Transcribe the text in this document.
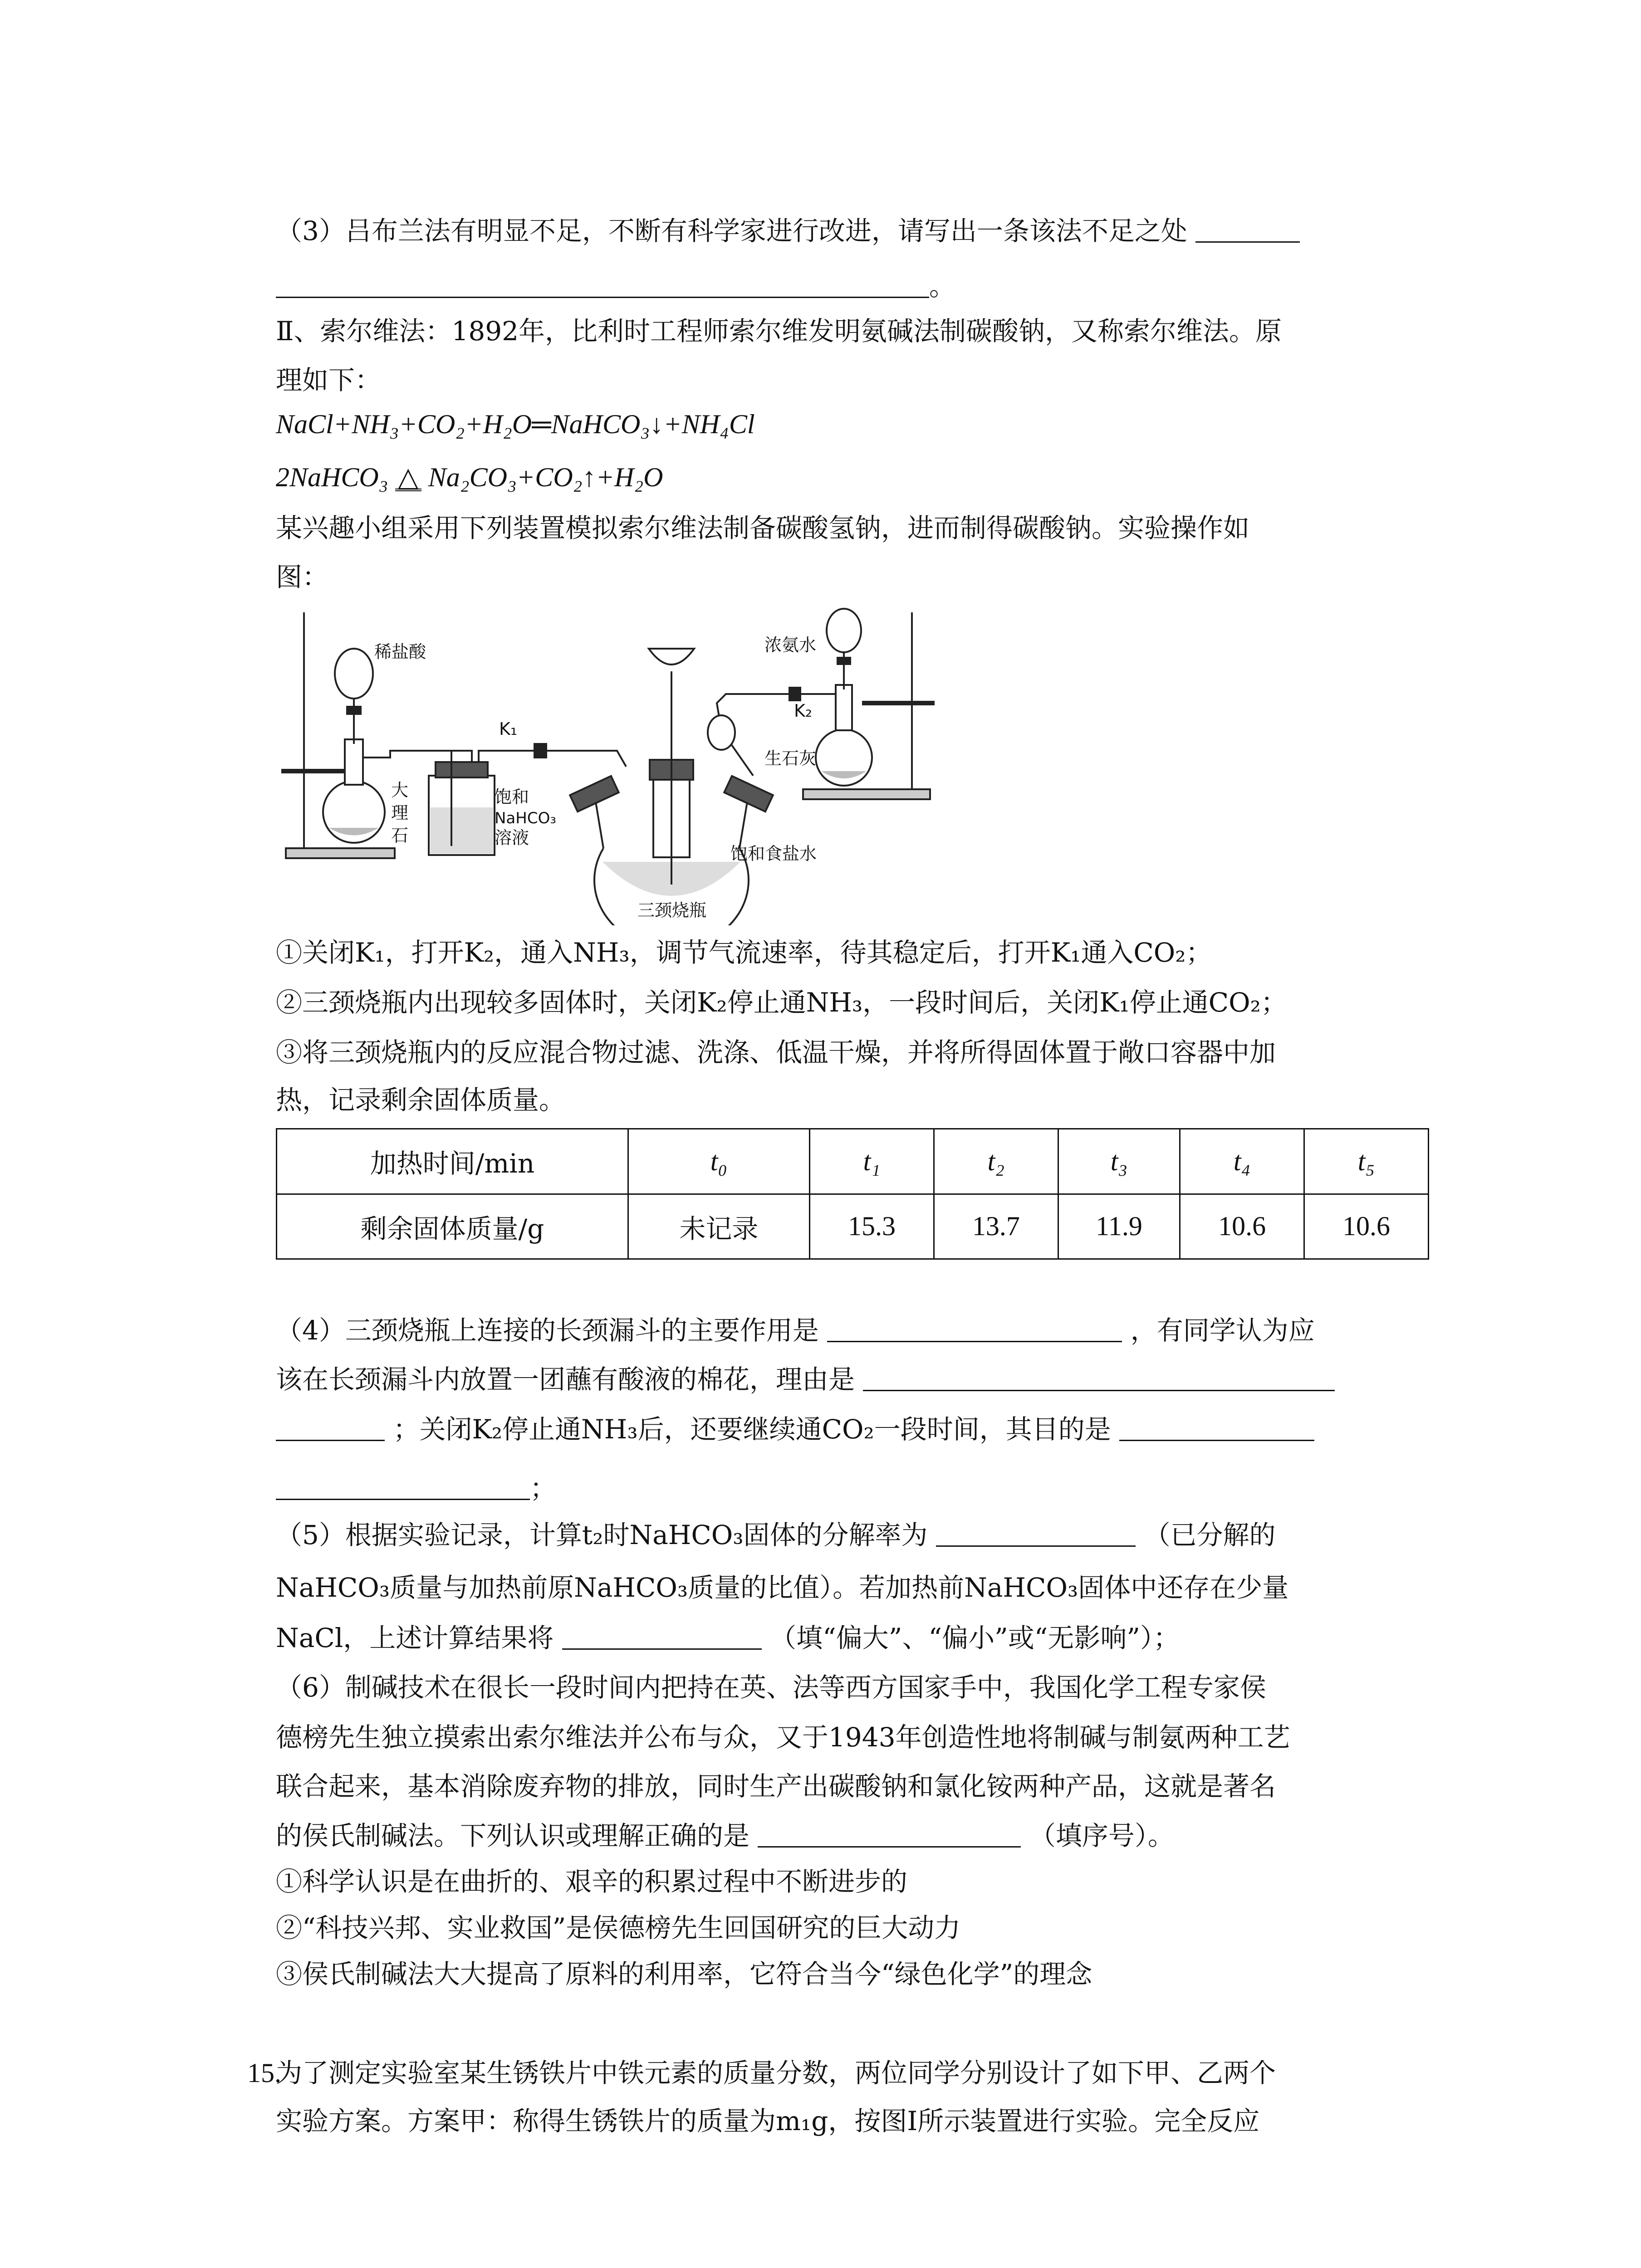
（3）吕布兰法有明显不足，不断有科学家进行改进，请写出一条该法不足之处
。
Ⅱ、索尔维法：1892年，比利时工程师索尔维发明氨碱法制碳酸钠，又称索尔维法。原
理如下：
NaCl+NH₃+CO₂+H₂O═NaHCO₃↓+NH₄Cl
2NaHCO₃ △ Na₂CO₃+CO₂↑+H₂O
某兴趣小组采用下列装置模拟索尔维法制备碳酸氢钠，进而制得碳酸钠。实验操作如
图：
稀盐酸
大
理
石
K₁
饱和
NaHCO₃
溶液
三颈烧瓶
饱和食盐水
浓氨水
K₂
生石灰
①关闭K₁，打开K₂，通入NH₃，调节气流速率，待其稳定后，打开K₁通入CO₂；
②三颈烧瓶内出现较多固体时，关闭K₂停止通NH₃，一段时间后，关闭K₁停止通CO₂；
③将三颈烧瓶内的反应混合物过滤、洗涤、低温干燥，并将所得固体置于敞口容器中加
热，记录剩余固体质量。
加热时间/min	t₀	t₁	t₂	t₃	t₄	t₅
剩余固体质量/g	未记录	15.3	13.7	11.9	10.6	10.6
（4）三颈烧瓶上连接的长颈漏斗的主要作用是	，有同学认为应
该在长颈漏斗内放置一团蘸有酸液的棉花，理由是
；关闭K₂停止通NH₃后，还要继续通CO₂一段时间，其目的是
；
（5）根据实验记录，计算t₂时NaHCO₃固体的分解率为	（已分解的
NaHCO₃质量与加热前原NaHCO₃质量的比值）。若加热前NaHCO₃固体中还存在少量
NaCl，上述计算结果将	（填“偏大”、“偏小”或“无影响”）；
（6）制碱技术在很长一段时间内把持在英、法等西方国家手中，我国化学工程专家侯
德榜先生独立摸索出索尔维法并公布与众，又于1943年创造性地将制碱与制氨两种工艺
联合起来，基本消除废弃物的排放，同时生产出碳酸钠和氯化铵两种产品，这就是著名
的侯氏制碱法。下列认识或理解正确的是	（填序号）。
①科学认识是在曲折的、艰辛的积累过程中不断进步的
②“科技兴邦、实业救国”是侯德榜先生回国研究的巨大动力
③侯氏制碱法大大提高了原料的利用率，它符合当今“绿色化学”的理念
15.
为了测定实验室某生锈铁片中铁元素的质量分数，两位同学分别设计了如下甲、乙两个
实验方案。方案甲：称得生锈铁片的质量为m₁g，按图I所示装置进行实验。完全反应
